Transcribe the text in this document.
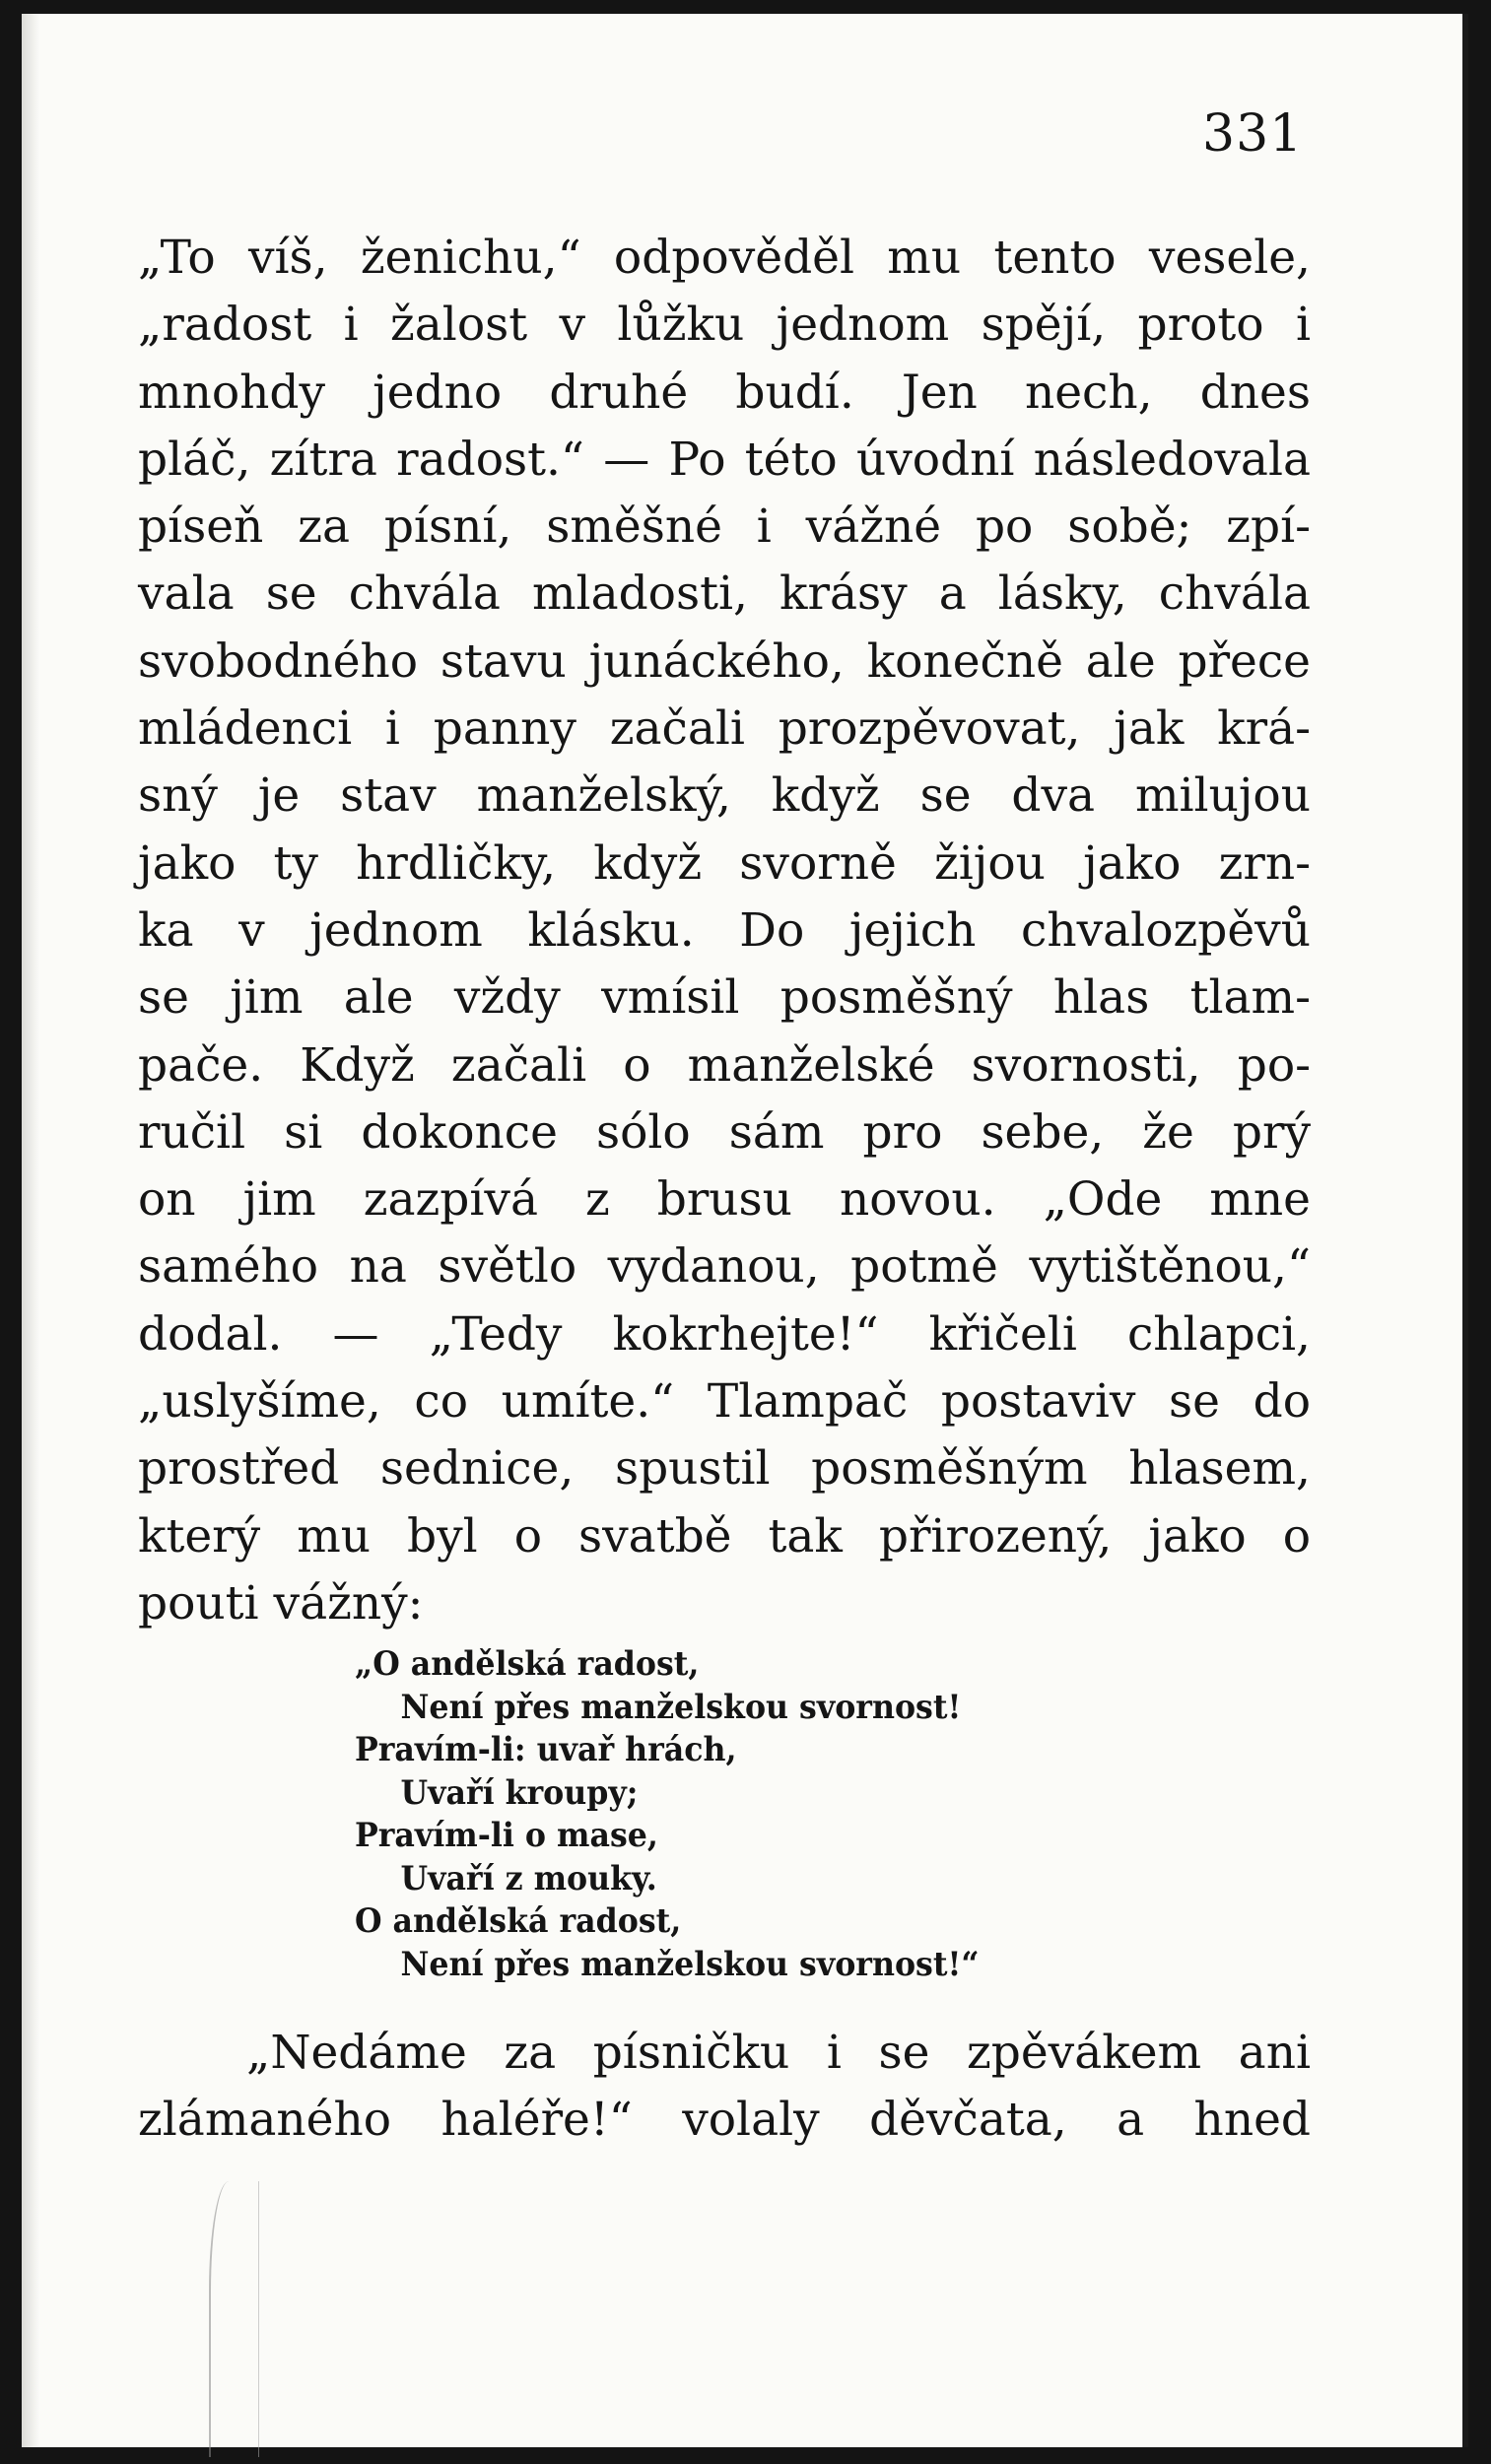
331
„To víš, ženichu,“ odpověděl mu tento vesele,
„radost i žalost v lůžku jednom spějí, proto i
mnohdy jedno druhé budí. Jen nech, dnes
pláč, zítra radost.“ — Po této úvodní následovala
píseň za písní, směšné i vážné po sobě; zpí-
vala se chvála mladosti, krásy a lásky, chvála
svobodného stavu junáckého, konečně ale přece
mládenci i panny začali prozpěvovat, jak krá-
sný je stav manželský, když se dva milujou
jako ty hrdličky, když svorně žijou jako zrn-
ka v jednom klásku. Do jejich chvalozpěvů
se jim ale vždy vmísil posměšný hlas tlam-
pače. Když začali o manželské svornosti, po-
ručil si dokonce sólo sám pro sebe, že prý
on jim zazpívá z brusu novou. „Ode mne
samého na světlo vydanou, potmě vytištěnou,“
dodal. — „Tedy kokrhejte!“ křičeli chlapci,
„uslyšíme, co umíte.“ Tlampač postaviv se do
prostřed sednice, spustil posměšným hlasem,
který mu byl o svatbě tak přirozený, jako o
pouti vážný:
„O andělská radost,
Není přes manželskou svornost!
Pravím-li: uvař hrách,
Uvaří kroupy;
Pravím-li o mase,
Uvaří z mouky.
O andělská radost,
Není přes manželskou svornost!“
„Nedáme za písničku i se zpěvákem ani
zlámaného haléře!“ volaly děvčata, a hned
